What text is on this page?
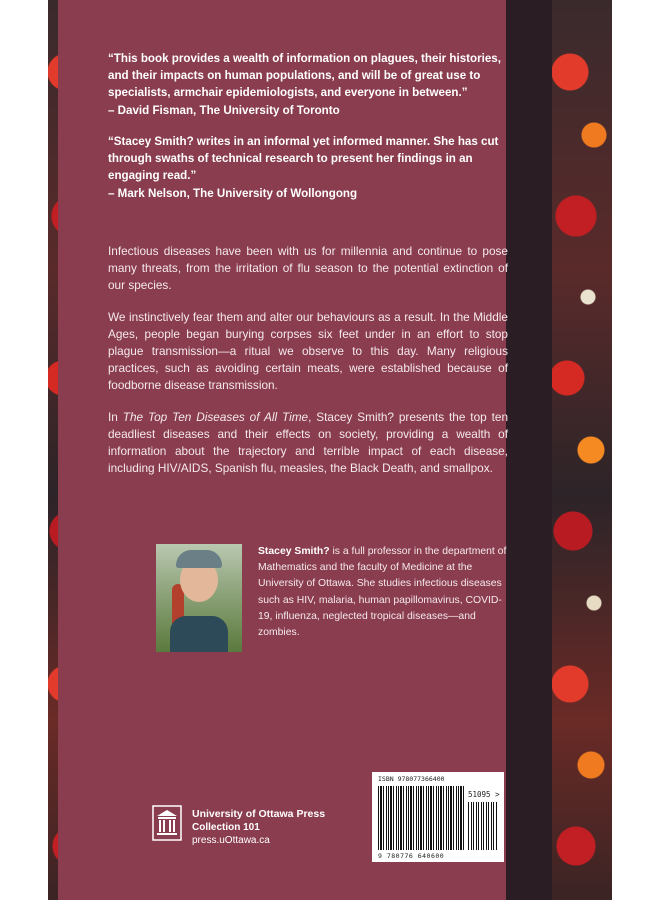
“This book provides a wealth of information on plagues, their histories, and their impacts on human populations, and will be of great use to specialists, armchair epidemiologists, and everyone in between.”

– David Fisman, The University of Toronto

“Stacey Smith? writes in an informal yet informed manner. She has cut through swaths of technical research to present her findings in an engaging read.”

– Mark Nelson, The University of Wollongong

Infectious diseases have been with us for millennia and continue to pose many threats, from the irritation of flu season to the potential extinction of our species.

We instinctively fear them and alter our behaviours as a result. In the Middle Ages, people began burying corpses six feet under in an effort to stop plague transmission—a ritual we observe to this day. Many religious practices, such as avoiding certain meats, were established because of foodborne disease transmission.

In The Top Ten Diseases of All Time, Stacey Smith? presents the top ten deadliest diseases and their effects on society, providing a wealth of information about the trajectory and terrible impact of each disease, including HIV/AIDS, Spanish flu, measles, the Black Death, and smallpox.

Stacey Smith? is a full professor in the department of Mathematics and the faculty of Medicine at the University of Ottawa. She studies infectious diseases such as HIV, malaria, human papillomavirus, COVID-19, influenza, neglected tropical diseases—and zombies.
ISBN 978077366400
51095 >
9 780776 640600
University of Ottawa Press
Collection 101
press.uOttawa.ca
